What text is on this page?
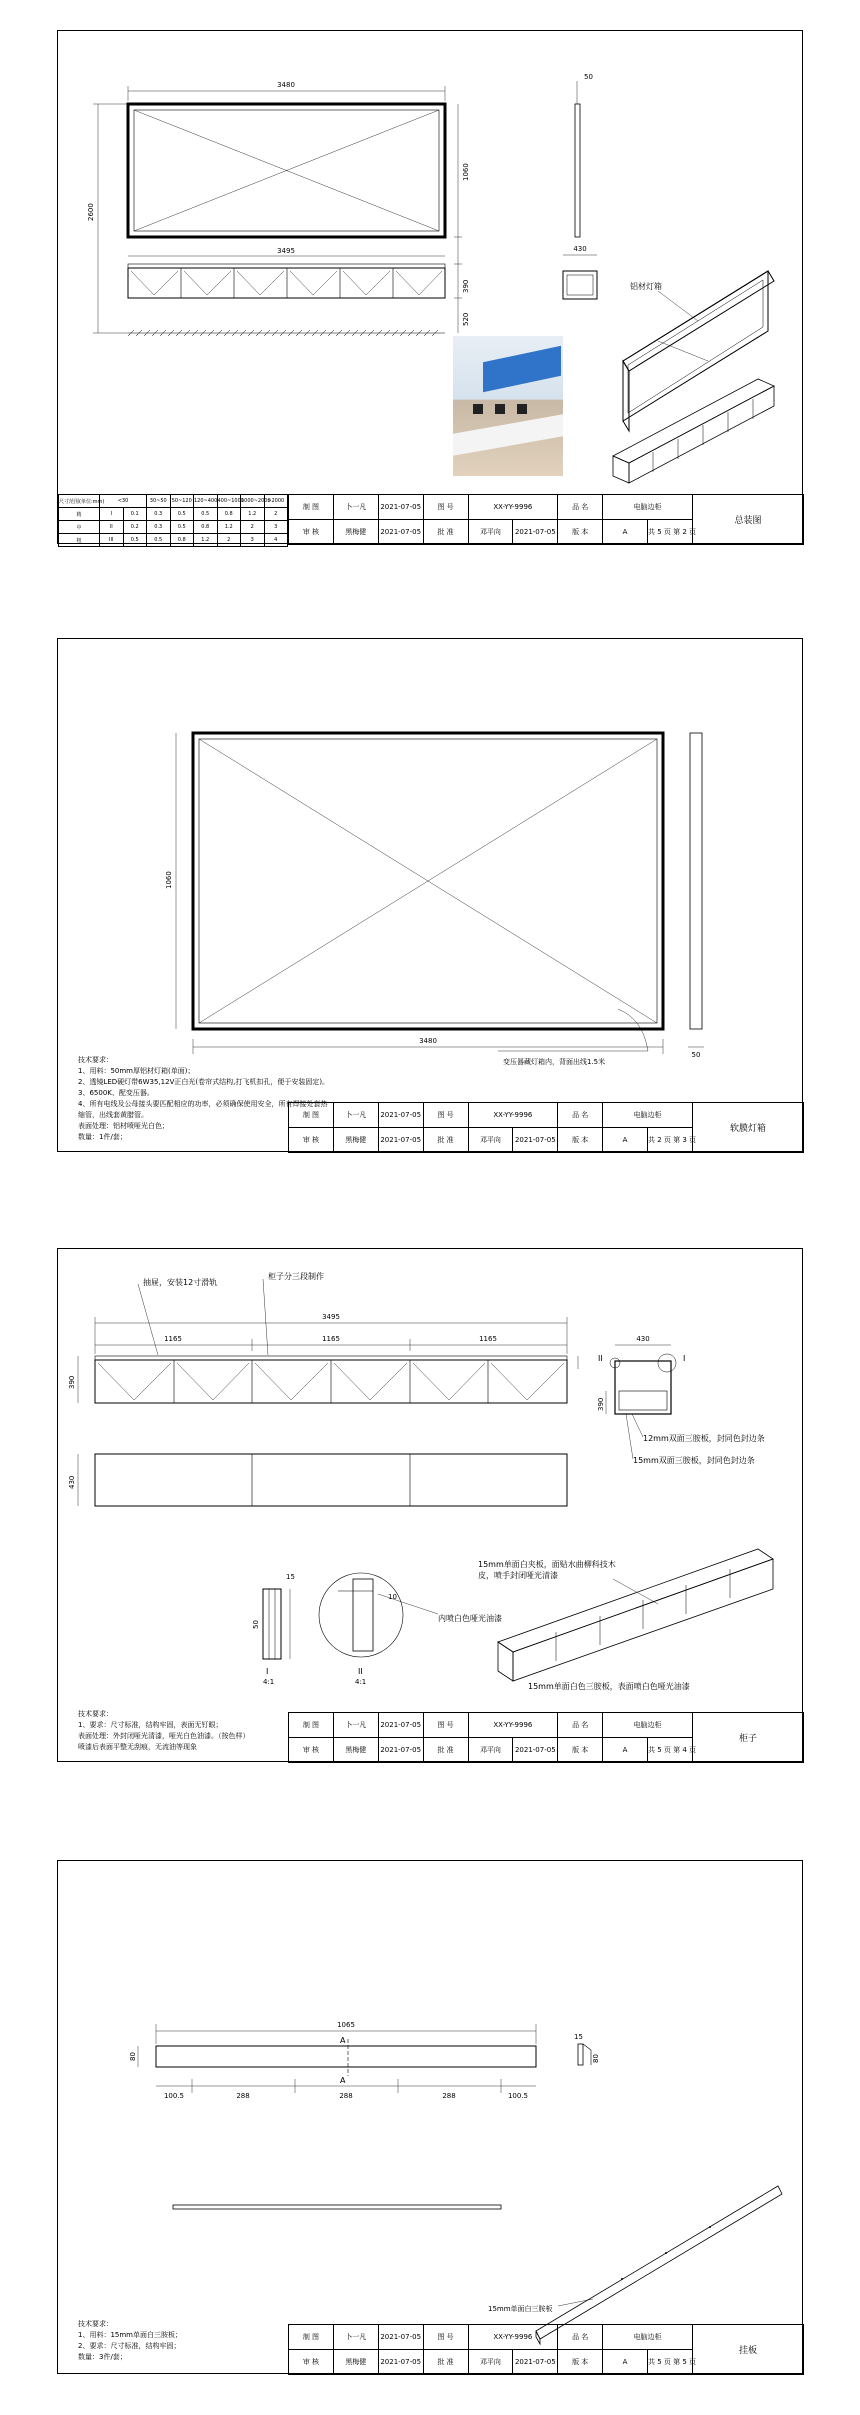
3480
3495
2600
1060
390
520
50
430
铝材灯箱
尺寸范围(单位:mm)	<30		30~50	50~120	120~400	400~1000	1000~2000	>2000
精	I	0.1	0.3	0.5	0.5	0.8	1.2	2
中	II	0.2	0.3	0.5	0.8	1.2	2	3
粗	III	0.5	0.5	0.8	1.2	2	3	4
制 图	卜一凡	2021-07-05	图 号	XX-YY-9996		品 名	电脑边柜		总装图
审 核	黑梅健	2021-07-05	批 准	邓平向	2021-07-05	版 本	A	共 5 页 第 2 页	
3480
1060
50
变压器藏灯箱内，背面出线1.5米
技术要求：
1、用料：50mm厚铝材灯箱(单面)；
2、透镜LED硬灯带6W35,12V正白光(卷帘式结构,打飞机扣孔，便于安装固定)。
3、6500K、配变压器。
4、所有电线及公母接头要匹配相应的功率，必须确保使用安全，所有焊接处套热
缩管，出线套黄腊管。
表面处理：铝材喷哑光白色；
数量：1件/套；
制 图	卜一凡	2021-07-05	图 号	XX-YY-9996		品 名	电脑边柜		软膜灯箱
审 核	黑梅健	2021-07-05	批 准	邓平向	2021-07-05	版 本	A	共 2 页 第 3 页	
抽屉，安装12寸滑轨
柜子分三段制作
3495
1165	1165	1165
390
430
430
390
II	I
12mm双面三胺板，封同色封边条
15mm双面三胺板，封同色封边条
15
50
10
I
4:1
II
4:1
内喷白色哑光油漆
15mm单面白色三胺板，表面喷白色哑光油漆
15mm单面白夹板，面贴水曲柳科技木皮，喷手封闭哑光清漆
技术要求：
1、要求：尺寸标准，结构牢固，表面无钉眼；
表面处理：外封闭哑光清漆，哑光白色油漆。（按色样）
喷漆后表面平整无刮痕，无流油等现象
制 图	卜一凡	2021-07-05	图 号	XX-YY-9996		品 名	电脑边柜		柜子
审 核	黑梅健	2021-07-05	批 准	邓平向	2021-07-05	版 本	A	共 5 页 第 4 页	
1065
80
15
80
100.5	288	288	288	100.5
A
A
15mm单面白三胺板
技术要求：
1、用料：15mm单面白三胺板；
2、要求：尺寸标准，结构牢固；
数量：3件/套；
制 图	卜一凡	2021-07-05	图 号	XX-YY-9996		品 名	电脑边柜		挂板
审 核	黑梅健	2021-07-05	批 准	邓平向	2021-07-05	版 本	A	共 5 页 第 5 页	
